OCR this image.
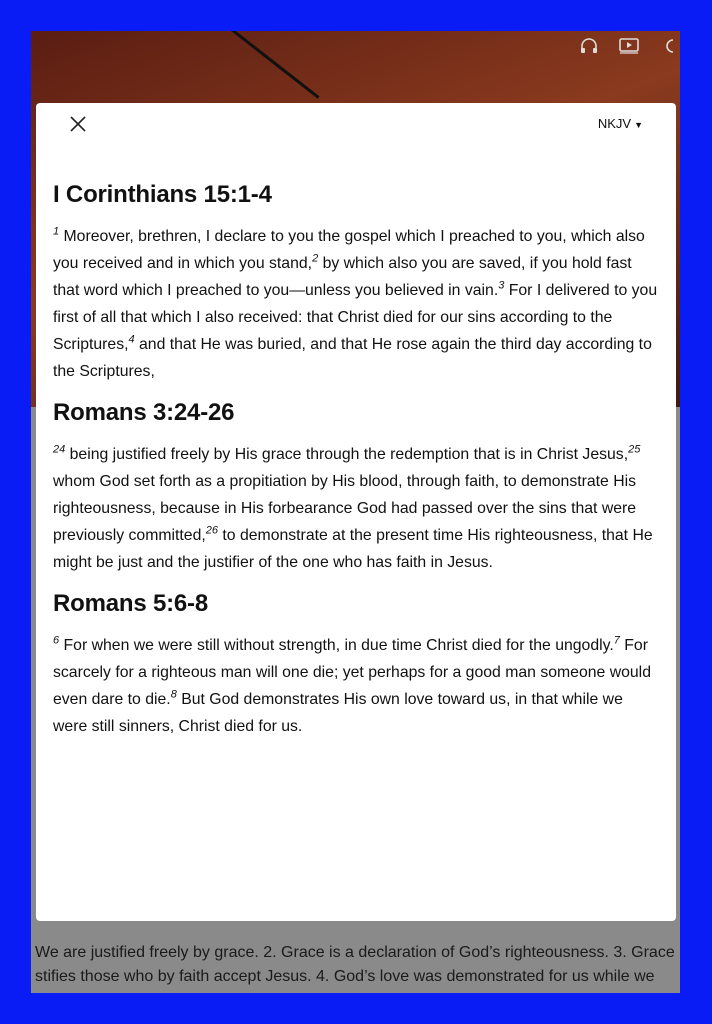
We are justified freely by grace. 2. Grace is a declaration of God’s righteousness. 3. Grace
stifies those who by faith accept Jesus. 4. God’s love was demonstrated for us while we
NKJV ▼
I Corinthians 15:1-4

$^1$ Moreover, brethren, I declare to you the gospel which I preached to you, which also you received and in which you stand,$^2$ by which also you are saved, if you hold fast that word which I preached to you—unless you believed in vain.$^3$ For I delivered to you first of all that which I also received: that Christ died for our sins according to the Scriptures,$^4$ and that He was buried, and that He rose again the third day according to the Scriptures,

Romans 3:24-26

$^{24}$ being justified freely by His grace through the redemption that is in Christ Jesus,$^{25}$ whom God set forth as a propitiation by His blood, through faith, to demonstrate His righteousness, because in His forbearance God had passed over the sins that were previously committed,$^{26}$ to demonstrate at the present time His righteousness, that He might be just and the justifier of the one who has faith in Jesus.

Romans 5:6-8

$^6$ For when we were still without strength, in due time Christ died for the ungodly.$^7$ For scarcely for a righteous man will one die; yet perhaps for a good man someone would even dare to die.$^8$ But God demonstrates His own love toward us, in that while we were still sinners, Christ died for us.
